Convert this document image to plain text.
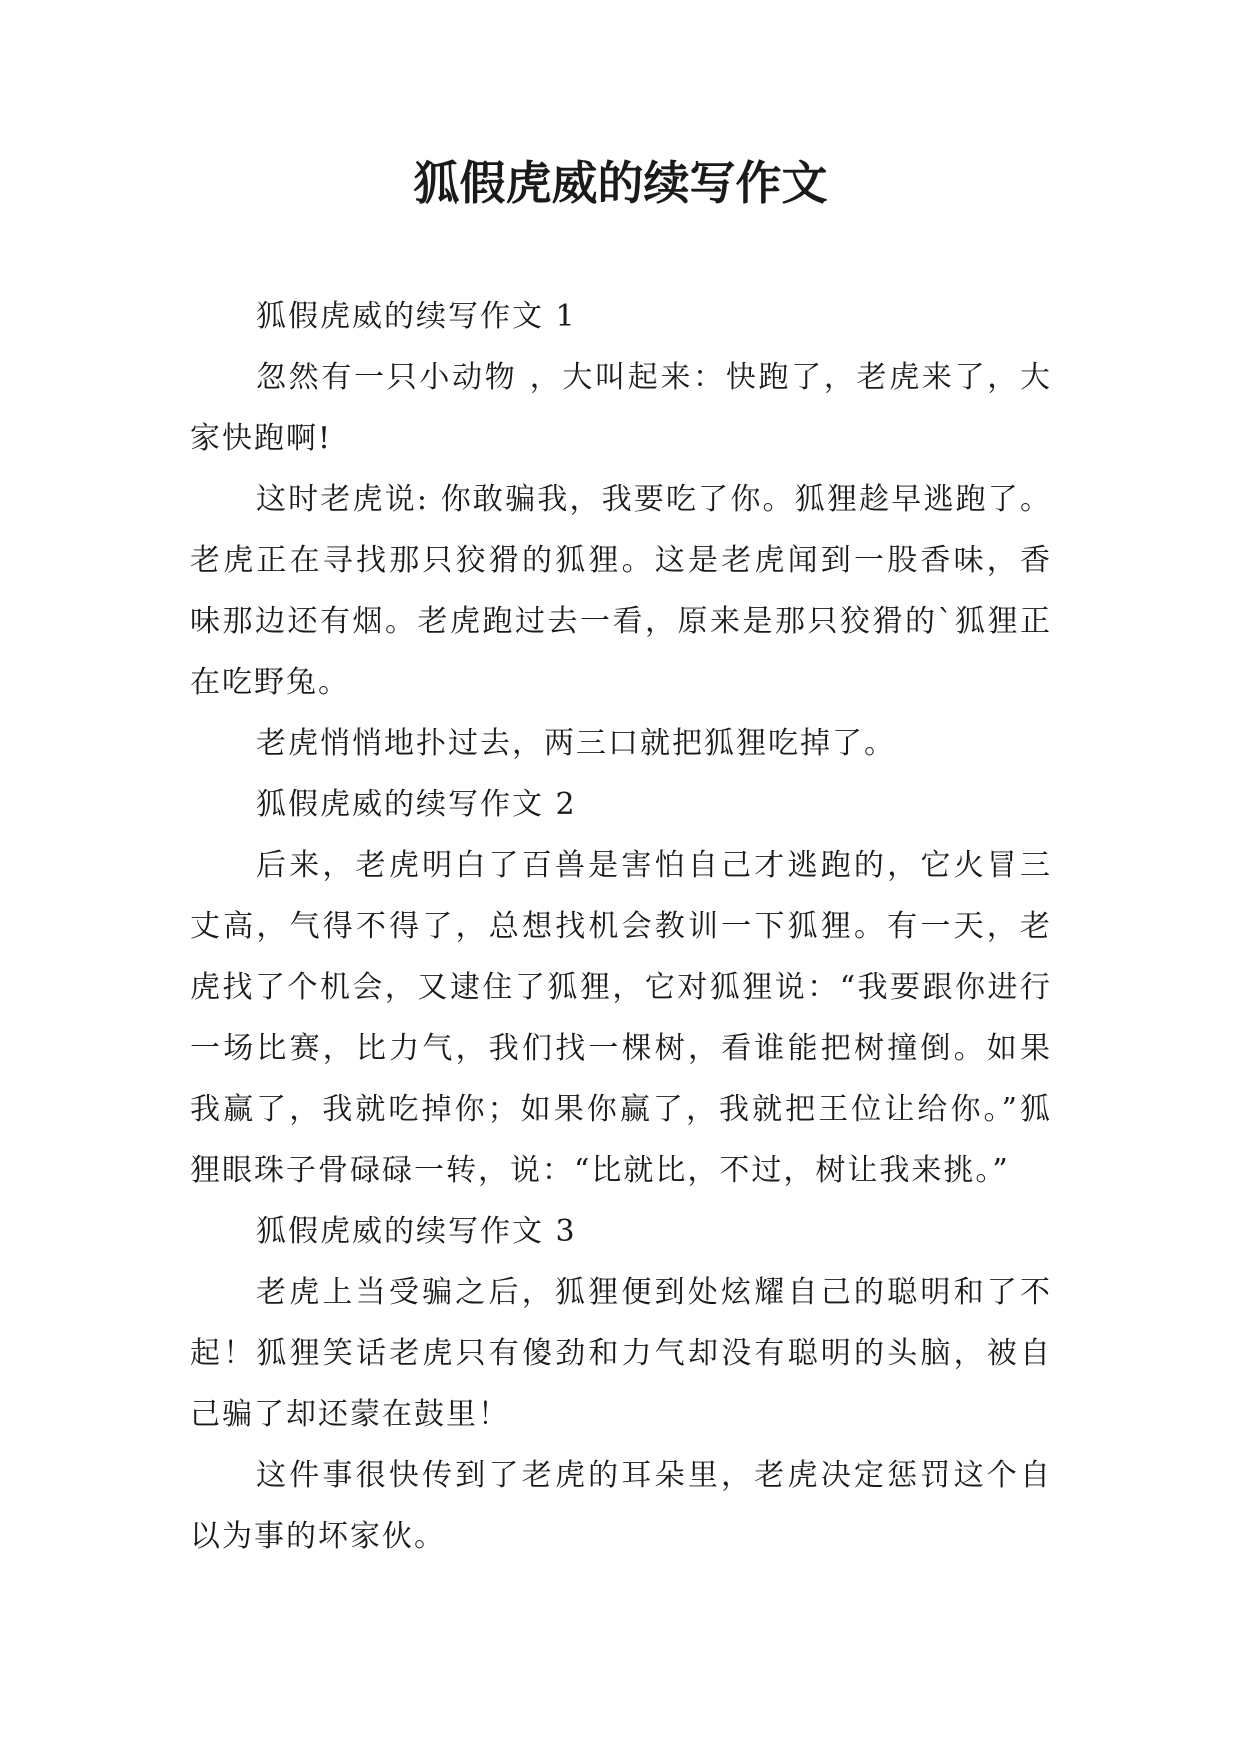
狐假虎威的续写作文

狐假虎威的续写作文 1

忽然有一只小动物 ，大叫起来：快跑了，老虎来了，大家快跑啊!

这时老虎说: 你敢骗我，我要吃了你。狐狸趁早逃跑了。老虎正在寻找那只狡猾的狐狸。这是老虎闻到一股香味，香味那边还有烟。老虎跑过去一看，原来是那只狡猾的`狐狸正在吃野兔。

老虎悄悄地扑过去，两三口就把狐狸吃掉了。

狐假虎威的续写作文 2

后来，老虎明白了百兽是害怕自己才逃跑的，它火冒三丈高，气得不得了，总想找机会教训一下狐狸。有一天，老虎找了个机会，又逮住了狐狸，它对狐狸说：“我要跟你进行一场比赛，比力气，我们找一棵树，看谁能把树撞倒。如果我赢了，我就吃掉你；如果你赢了，我就把王位让给你。”狐狸眼珠子骨碌碌一转，说：“比就比，不过，树让我来挑。”

狐假虎威的续写作文 3

老虎上当受骗之后，狐狸便到处炫耀自己的聪明和了不起！狐狸笑话老虎只有傻劲和力气却没有聪明的头脑，被自己骗了却还蒙在鼓里！

这件事很快传到了老虎的耳朵里，老虎决定惩罚这个自以为事的坏家伙。
